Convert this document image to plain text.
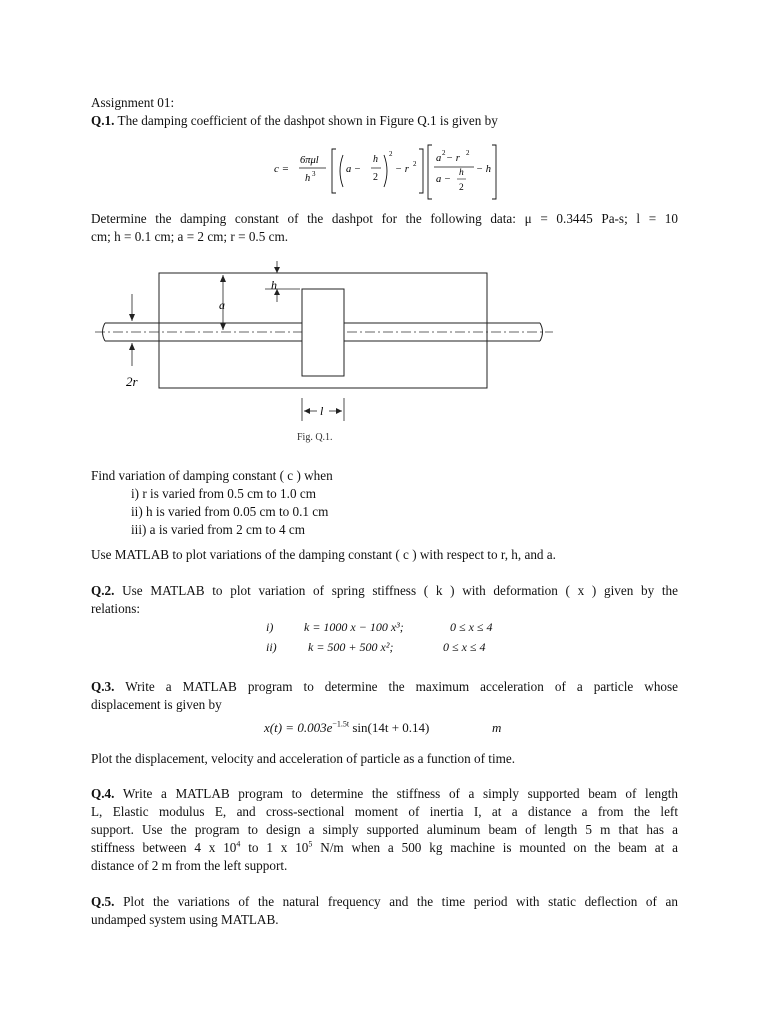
Assignment 01:
Q.1. The damping coefficient of the dashpot shown in Figure Q.1 is given by
c =
6πμl
h 3	a −
h
2
2
− r 2 a 2 − r 2
a −
h
2
− h
Determine the damping constant of the dashpot for the following data: μ = 0.3445 Pa-s; l = 10
cm; h = 0.1 cm; a = 2 cm; r = 0.5 cm.
h
a
2r
l
Fig. Q.1.
Find variation of damping constant ( c ) when
i) r is varied from 0.5 cm to 1.0 cm
ii) h is varied from 0.05 cm to 0.1 cm
iii) a is varied from 2 cm to 4 cm
Use MATLAB to plot variations of the damping constant ( c ) with respect to r, h, and a.
Q.2. Use MATLAB to plot variation of spring stiffness ( k ) with deformation ( x ) given by the
relations:
i)	k = 1000 x − 100 x³;	0 ≤ x ≤ 4
ii)	k = 500 + 500 x²;	0 ≤ x ≤ 4
Q.3. Write a MATLAB program to determine the maximum acceleration of a particle whose
displacement is given by
$x(t) = 0.003e^{-1.5t}$ sin(14t + 0.14)	m
Plot the displacement, velocity and acceleration of particle as a function of time.
Q.4. Write a MATLAB program to determine the stiffness of a simply supported beam of length
L, Elastic modulus E, and cross-sectional moment of inertia I, at a distance a from the left
support. Use the program to design a simply supported aluminum beam of length 5 m that has a
stiffness between 4 x $10^4$ to 1 x $10^5$ N/m when a 500 kg machine is mounted on the beam at a
distance of 2 m from the left support.
Q.5. Plot the variations of the natural frequency and the time period with static deflection of an
undamped system using MATLAB.
